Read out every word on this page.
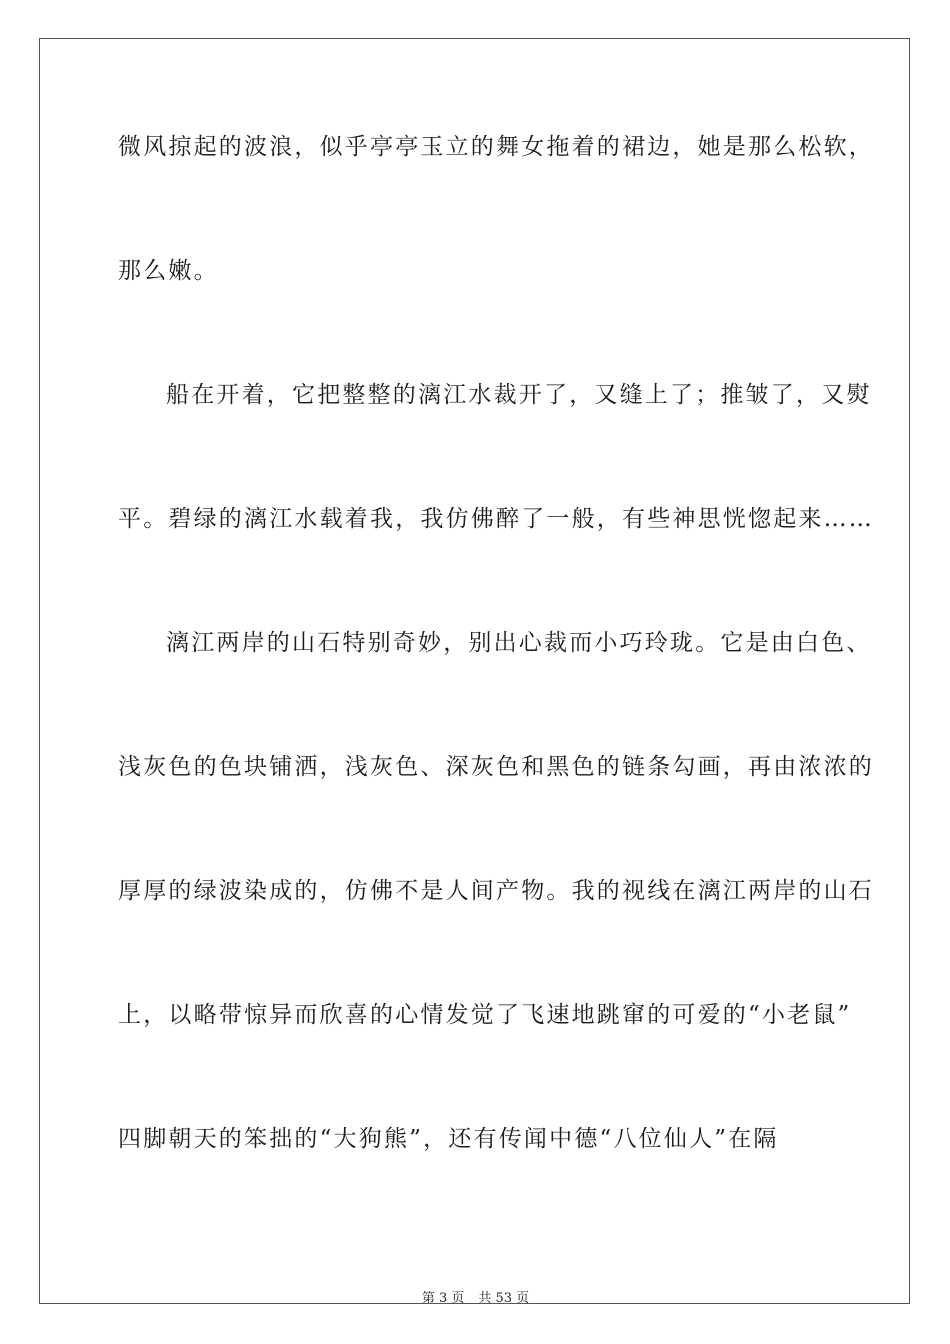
微风掠起的波浪，似乎亭亭玉立的舞女拖着的裙边，她是那么松软，
那么嫩。
船在开着，它把整整的漓江水裁开了，又缝上了；推皱了，又熨
平。碧绿的漓江水载着我，我仿佛醉了一般，有些神思恍惚起来……
漓江两岸的山石特别奇妙，别出心裁而小巧玲珑。它是由白色、
浅灰色的色块铺洒，浅灰色、深灰色和黑色的链条勾画，再由浓浓的
厚厚的绿波染成的，仿佛不是人间产物。我的视线在漓江两岸的山石
上，以略带惊异而欣喜的心情发觉了飞速地跳窜的可爱的“小老鼠”
四脚朝天的笨拙的“大狗熊”，还有传闻中德“八位仙人”在隔
第 3 页 共 53 页
